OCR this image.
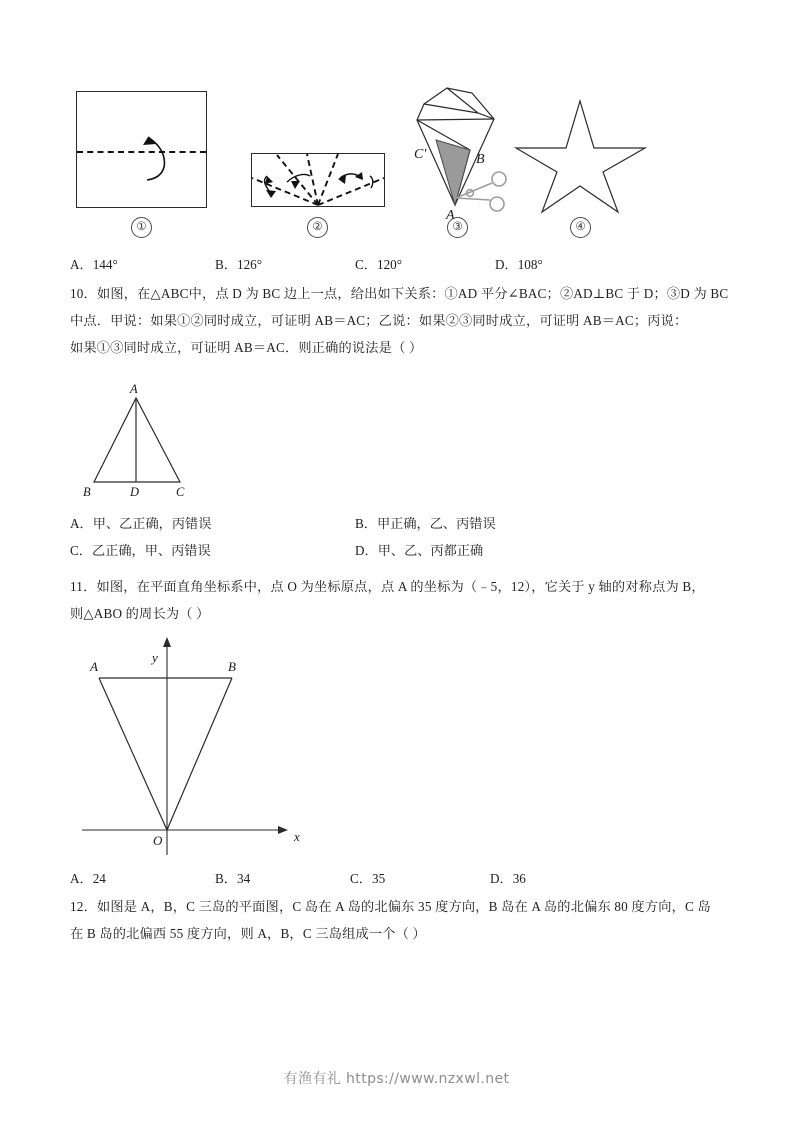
C'	B
A
①	②	③	④
A．144°	B．126°	C．120°	D．108°
10．如图，在△ABC中，点 D 为 BC 边上一点，给出如下关系：①AD 平分∠BAC；②AD⊥BC 于 D；③D 为 BC
中点．甲说：如果①②同时成立，可证明 AB＝AC；乙说：如果②③同时成立，可证明 AB＝AC；丙说：
如果①③同时成立，可证明 AB＝AC．则正确的说法是（ ）
A
B	D	C
A．甲、乙正确，丙错误	B．甲正确，乙、丙错误
C．乙正确，甲、丙错误	D．甲、乙、丙都正确
11．如图，在平面直角坐标系中，点 O 为坐标原点，点 A 的坐标为（﹣5，12），它关于 y 轴的对称点为 B，
则△ABO 的周长为（ ）
y
x
A	B
O
A．24	B．34	C．35	D．36
12．如图是 A，B，C 三岛的平面图，C 岛在 A 岛的北偏东 35 度方向，B 岛在 A 岛的北偏东 80 度方向，C 岛
在 B 岛的北偏西 55 度方向，则 A，B，C 三岛组成一个（ ）
有渔有礼 https://www.nzxwl.net
